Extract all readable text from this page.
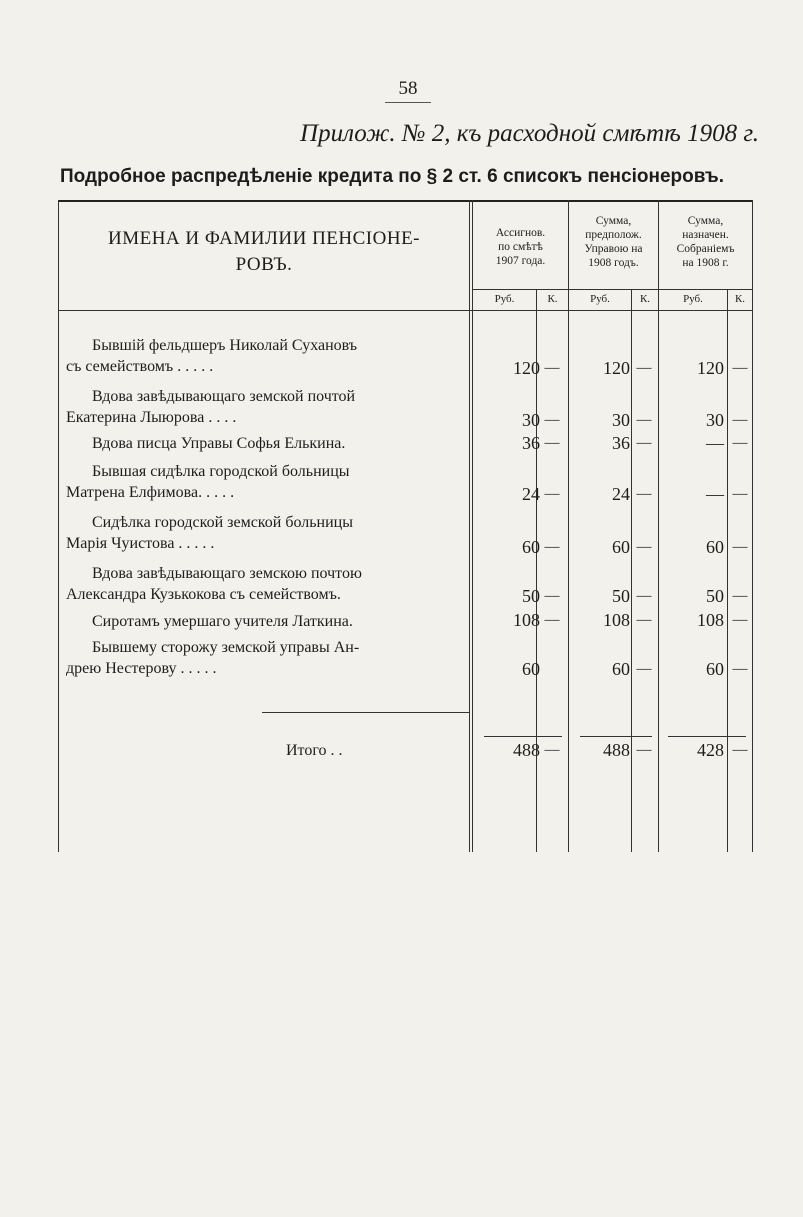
58
Прилож. № 2, къ расходной смѣтѣ 1908 г.
Подробное распредѣленіе кредита по § 2 ст. 6 списокъ пенсіонеровъ.
ИМЕНА И ФАМИЛИИ ПЕНСІОНЕ-
РОВЪ.
Ассигнов.
по смѣтѣ
1907 года.
Сумма,
предполож.
Управою на
1908 годъ.
Сумма,
назначен.
Собраніемъ
на 1908 г.
Руб.	К.	Руб.	К.	Руб.	К.
Бывшій фельдшеръ Николай Сухановъ
съ семействомъ . . . . .	120 —	120 —	120 —
Вдова завѣдывающаго земской почтой
Екатерина Лыюрова . . . .	30 —	30 —	30 —
Вдова писца Управы Софья Елькина.	36 —	36 —	— —
Бывшая сидѣлка городской больницы
Матрена Елфимова. . . . .	24 —	24 —	— —
Сидѣлка городской земской больницы
Марія Чуистова . . . . .	60 —	60 —	60 —
Вдова завѣдывающаго земскою почтою
Александра Кузькокова съ семействомъ.	50 —	50 —	50 —
Сиротамъ умершаго учителя Латкина.	108 —	108 —	108 —
Бывшему сторожу земской управы Ан-
дрею Нестерову . . . . .	60	60 —	60 —
Итого . .	488 —	488 —	428 —
